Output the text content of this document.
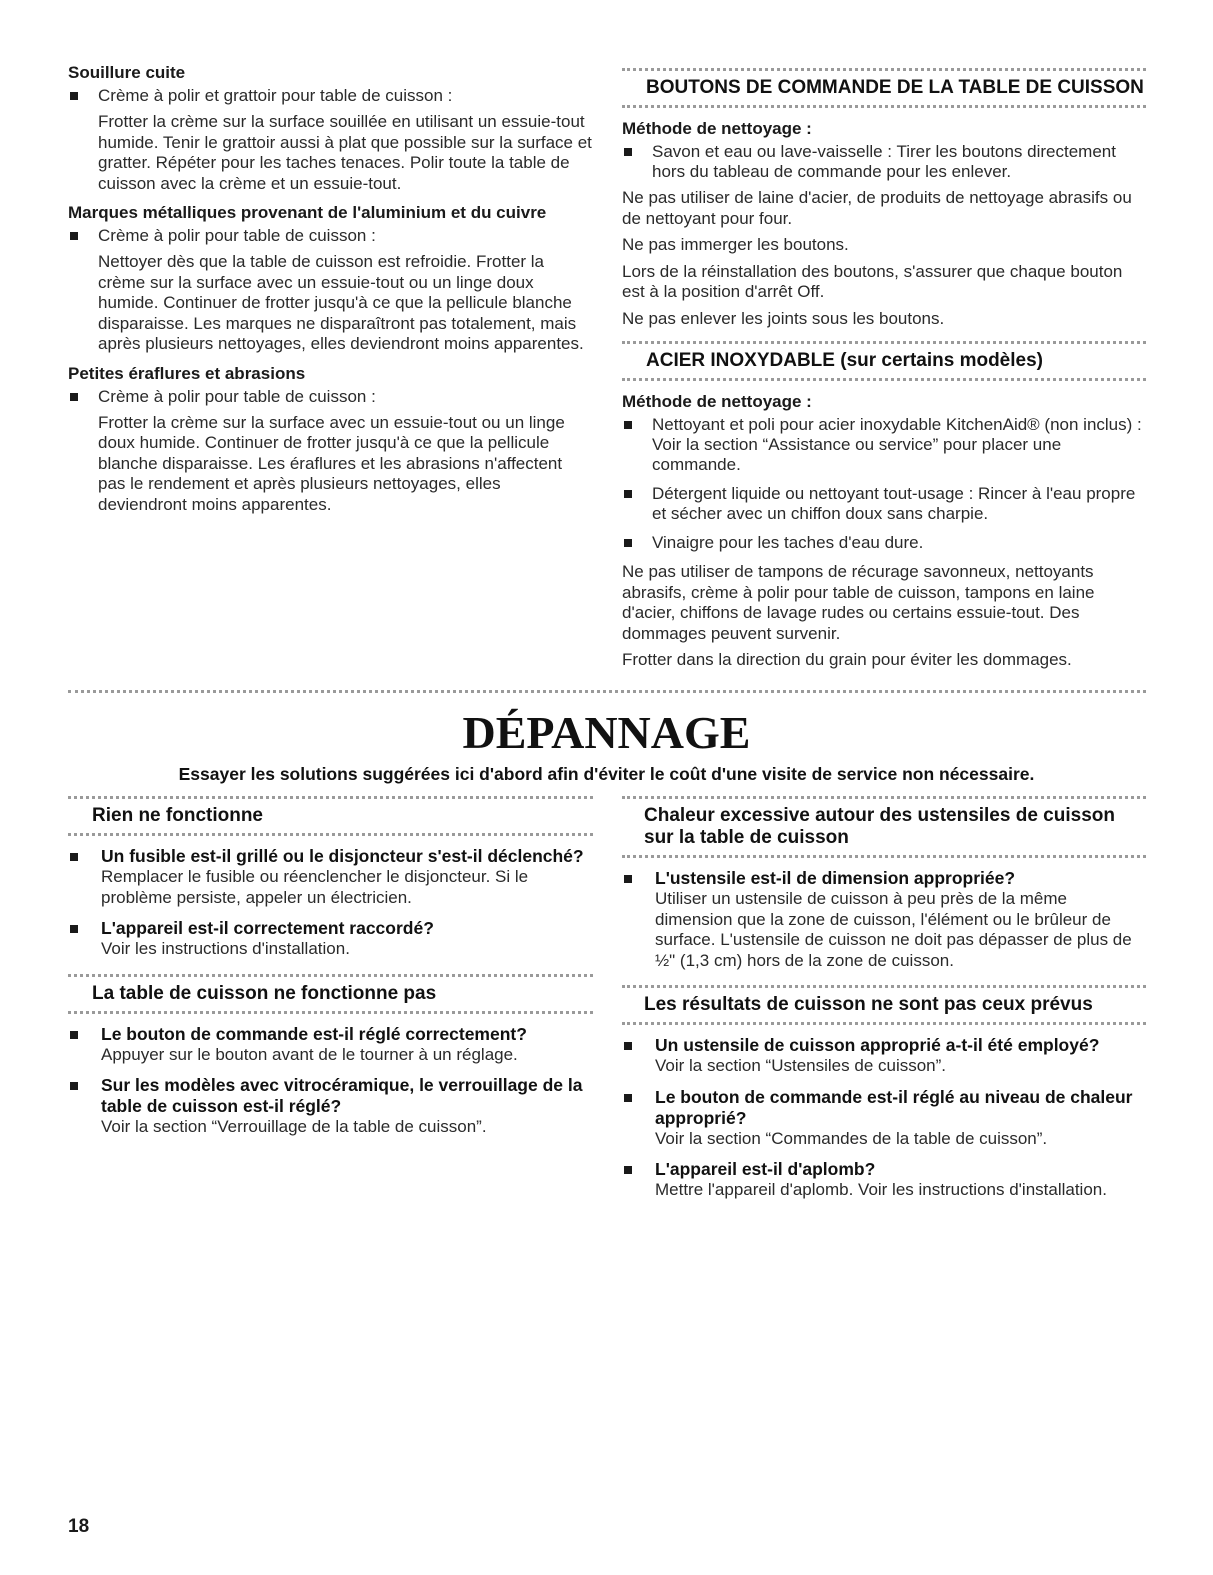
Souillure cuite
Crème à polir et grattoir pour table de cuisson :
Frotter la crème sur la surface souillée en utilisant un essuie-tout humide. Tenir le grattoir aussi à plat que possible sur la surface et gratter. Répéter pour les taches tenaces. Polir toute la table de cuisson avec la crème et un essuie-tout.
Marques métalliques provenant de l'aluminium et du cuivre
Crème à polir pour table de cuisson :
Nettoyer dès que la table de cuisson est refroidie. Frotter la crème sur la surface avec un essuie-tout ou un linge doux humide. Continuer de frotter jusqu'à ce que la pellicule blanche disparaisse. Les marques ne disparaîtront pas totalement, mais après plusieurs nettoyages, elles deviendront moins apparentes.
Petites éraflures et abrasions
Crème à polir pour table de cuisson :
Frotter la crème sur la surface avec un essuie-tout ou un linge doux humide. Continuer de frotter jusqu'à ce que la pellicule blanche disparaisse. Les éraflures et les abrasions n'affectent pas le rendement et après plusieurs nettoyages, elles deviendront moins apparentes.
BOUTONS DE COMMANDE DE LA TABLE DE CUISSON
Méthode de nettoyage :
Savon et eau ou lave-vaisselle : Tirer les boutons directement hors du tableau de commande pour les enlever.
Ne pas utiliser de laine d'acier, de produits de nettoyage abrasifs ou de nettoyant pour four.
Ne pas immerger les boutons.
Lors de la réinstallation des boutons, s'assurer que chaque bouton est à la position d'arrêt Off.
Ne pas enlever les joints sous les boutons.
ACIER INOXYDABLE (sur certains modèles)
Méthode de nettoyage :
Nettoyant et poli pour acier inoxydable KitchenAid® (non inclus) : Voir la section “Assistance ou service” pour placer une commande.
Détergent liquide ou nettoyant tout-usage : Rincer à l'eau propre et sécher avec un chiffon doux sans charpie.
Vinaigre pour les taches d'eau dure.
Ne pas utiliser de tampons de récurage savonneux, nettoyants abrasifs, crème à polir pour table de cuisson, tampons en laine d'acier, chiffons de lavage rudes ou certains essuie-tout. Des dommages peuvent survenir.
Frotter dans la direction du grain pour éviter les dommages.
DÉPANNAGE
Essayer les solutions suggérées ici d'abord afin d'éviter le coût d'une visite de service non nécessaire.
Rien ne fonctionne
Un fusible est-il grillé ou le disjoncteur s'est-il déclenché?
Remplacer le fusible ou réenclencher le disjoncteur. Si le problème persiste, appeler un électricien.
L'appareil est-il correctement raccordé?
Voir les instructions d'installation.
La table de cuisson ne fonctionne pas
Le bouton de commande est-il réglé correctement?
Appuyer sur le bouton avant de le tourner à un réglage.
Sur les modèles avec vitrocéramique, le verrouillage de la table de cuisson est-il réglé?
Voir la section “Verrouillage de la table de cuisson”.
Chaleur excessive autour des ustensiles de cuisson sur la table de cuisson
L'ustensile est-il de dimension appropriée?
Utiliser un ustensile de cuisson à peu près de la même dimension que la zone de cuisson, l'élément ou le brûleur de surface. L'ustensile de cuisson ne doit pas dépasser de plus de ½" (1,3 cm) hors de la zone de cuisson.
Les résultats de cuisson ne sont pas ceux prévus
Un ustensile de cuisson approprié a-t-il été employé?
Voir la section “Ustensiles de cuisson”.
Le bouton de commande est-il réglé au niveau de chaleur approprié?
Voir la section “Commandes de la table de cuisson”.
L'appareil est-il d'aplomb?
Mettre l'appareil d'aplomb. Voir les instructions d'installation.
18
